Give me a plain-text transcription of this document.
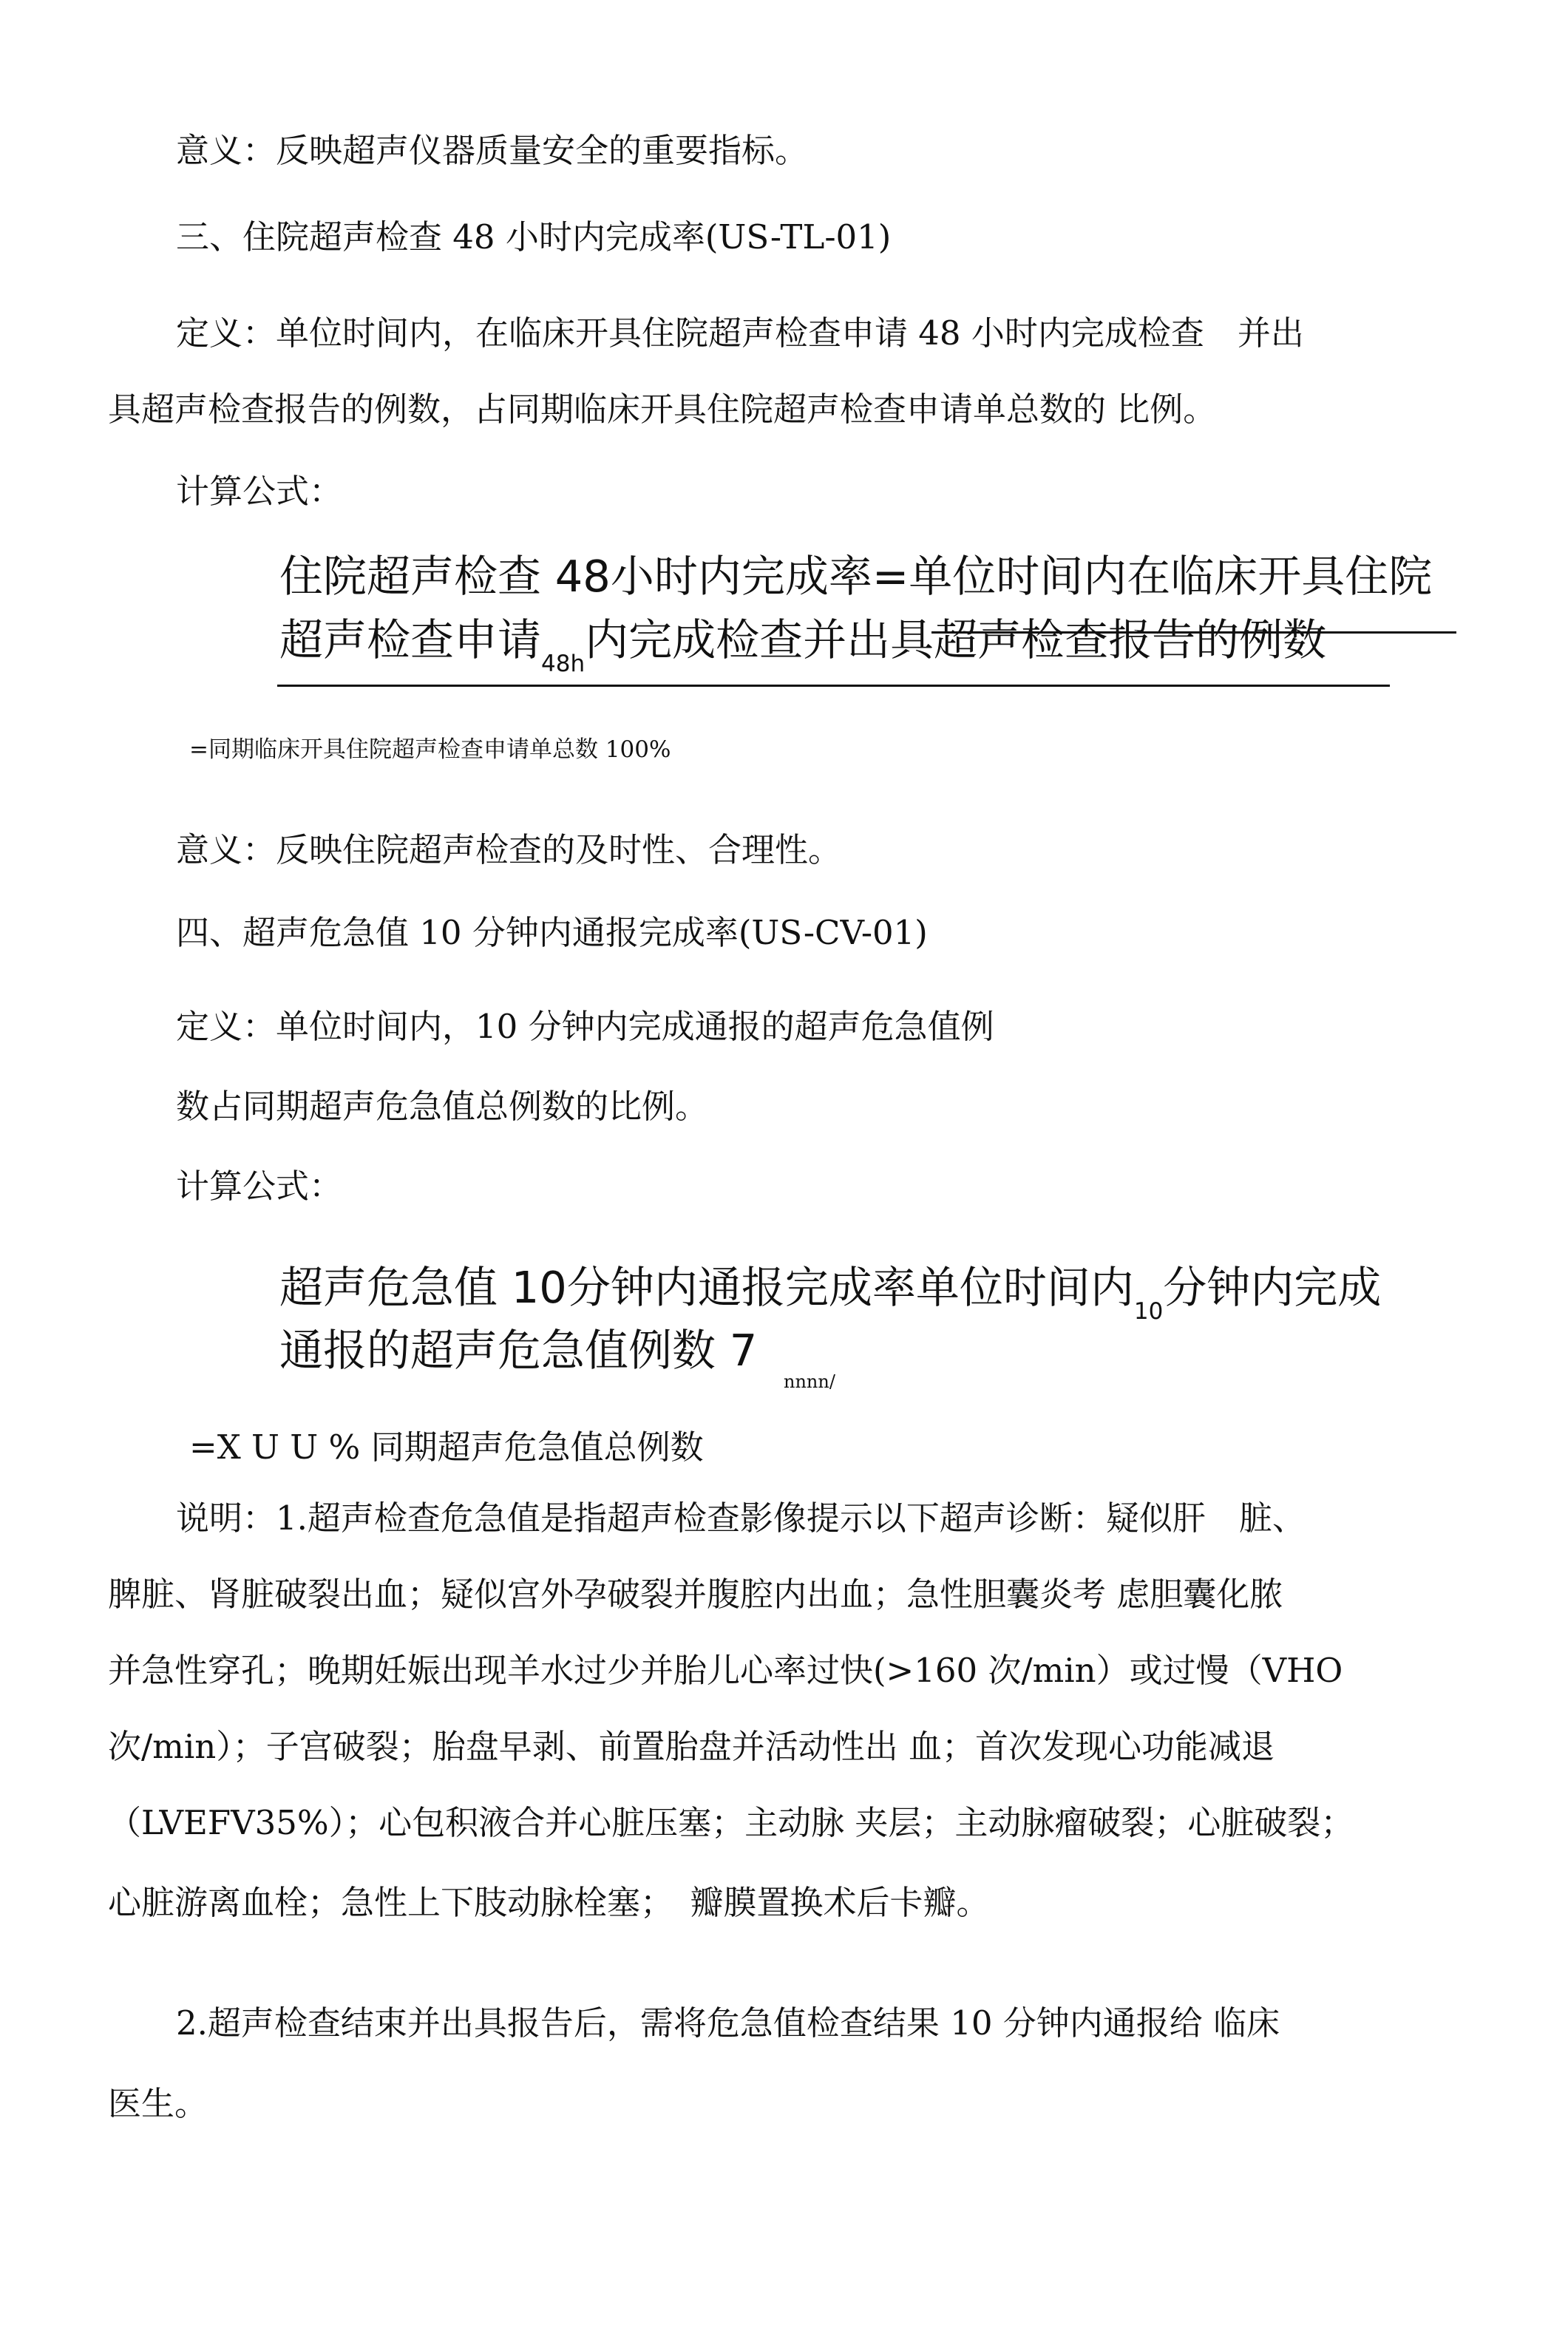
意义：反映超声仪器质量安全的重要指标。
三、住院超声检查 48 小时内完成率(US-TL-01)
定义：单位时间内，在临床开具住院超声检查申请 48 小时内完成检查　并出
具超声检查报告的例数，占同期临床开具住院超声检查申请单总数的 比例。
计算公式：
住院超声检查 48小时内完成率=单位时间内在临床开具住院
超声检查申请$_{48h}$内完成检查并出具超声检查报告的例数
=同期临床开具住院超声检查申请单总数 100%
意义：反映住院超声检查的及时性、合理性。
四、超声危急值 10 分钟内通报完成率(US-CV-01)
定义：单位时间内，10 分钟内完成通报的超声危急值例
数占同期超声危急值总例数的比例。
计算公式：
超声危急值 10分钟内通报完成率单位时间内$_{10}$分钟内完成
通报的超声危急值例数 7
nnnn/
=X U U % 同期超声危急值总例数
说明：1.超声检查危急值是指超声检查影像提示以下超声诊断：疑似肝　脏、
脾脏、肾脏破裂出血；疑似宫外孕破裂并腹腔内出血；急性胆囊炎考 虑胆囊化脓
并急性穿孔；晚期妊娠出现羊水过少并胎儿心率过快(>160 次/min）或过慢（VHO
次/min）；子宫破裂；胎盘早剥、前置胎盘并活动性出 血；首次发现心功能减退
（LVEFV35%）；心包积液合并心脏压塞；主动脉 夹层；主动脉瘤破裂；心脏破裂；
心脏游离血栓；急性上下肢动脉栓塞；　瓣膜置换术后卡瓣。
2.超声检查结束并出具报告后，需将危急值检查结果 10 分钟内通报给 临床
医生。
